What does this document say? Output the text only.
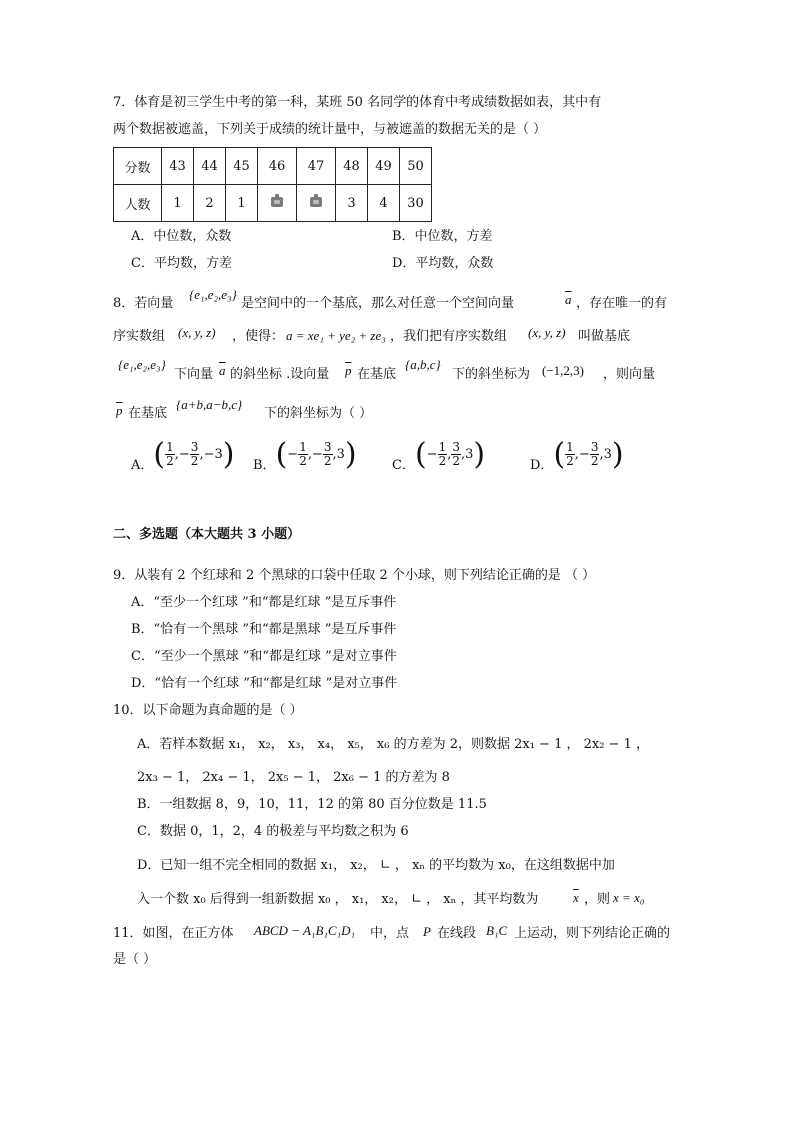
7．体育是初三学生中考的第一科，某班 50 名同学的体育中考成绩数据如表，其中有
两个数据被遮盖，下列关于成绩的统计量中，与被遮盖的数据无关的是（ ）
分数	43	44	45	46	47	48	49	50
人数	1	2	1			3	4	30
A．中位数，众数	B．中位数，方差
C．平均数，方差	D．平均数，众数
8．若向量
{e₁,e₂,e₃}
是空间中的一个基底，那么对任意一个空间向量	$\overline{a}$ ，存在唯一的有
序实数组 (x, y, z) ，使得： a = xe₁ + ye₂ + ze₃ ，我们把有序实数组 (x, y, z) 叫做基底
{e₁,e₂,e₃}
下向量 $\overline{a}$ 的斜坐标 .设向量 $\overline{p}$ 在基底
{a,b,c}
下的斜坐标为 (−1,2,3) ，则向量
$\overline{p}$ 在基底
{a+b,a−b,c}
下的斜坐标为（ ）
A． ( $\frac{1}{2}$ , − $\frac{3}{2} ,-3$ ) B． ( − $\frac{1}{2}$ , − $\frac{3}{2} ,3$ )	C． ( − $\frac{1}{2}$ , $\frac{3}{2} ,3$ )	D． ( $\frac{1}{2}$ , − $\frac{3}{2} ,3$ )
二、多选题（本大题共 3 小题）
9．从装有 2 个红球和 2 个黑球的口袋中任取 2 个小球，则下列结论正确的是 （ ）
A．“至少一个红球 ”和“都是红球 ”是互斥事件
B．“恰有一个黑球 ”和“都是黑球 ”是互斥事件
C．“至少一个黑球 ”和“都是红球 ”是对立事件
D．“恰有一个红球 ”和“都是红球 ”是对立事件
10．以下命题为真命题的是（ ）
A．若样本数据 x₁， x₂， x₃， x₄， x₅， x₆ 的方差为 2，则数据 2x₁ − 1 ， 2x₂ − 1 ，
2x₃ − 1， 2x₄ − 1， 2x₅ − 1， 2x₆ − 1 的方差为 8
B．一组数据 8，9，10，11，12 的第 80 百分位数是 11.5
C．数据 0，1，2，4 的极差与平均数之积为 6
D．已知一组不完全相同的数据 x₁， x₂， ∟ ， xₙ 的平均数为 x₀，在这组数据中加
入一个数 x₀ 后得到一组新数据 x₀ ， x₁， x₂， ∟ ， xₙ ，其平均数为	$\overline{x}$ ，则 x = x₀
11．如图，在正方体 ABCD − A₁B₁C₁D₁ 中，点 P 在线段 B₁C 上运动，则下列结论正确的
是（ ）
